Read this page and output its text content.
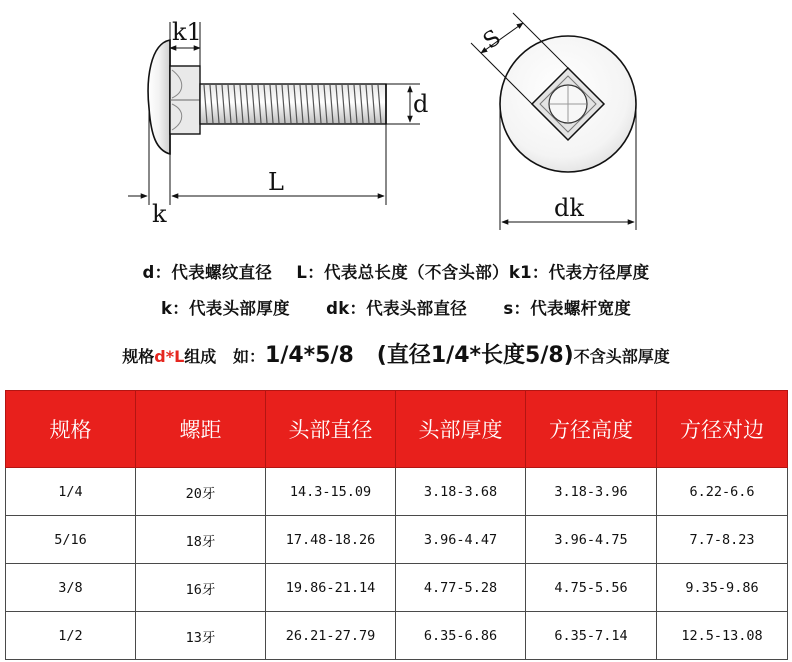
k1
d
L
k
S
dk
d：代表螺纹直径    L：代表总长度（不含头部）k1：代表方径厚度
k：代表头部厚度      dk：代表头部直径      s：代表螺杆宽度
规格d*L组成   如：1/4*5/8   (直径1/4*长度5/8)不含头部厚度
规格	螺距	头部直径	头部厚度	方径高度	方径对边
1/4	20牙	14.3-15.09	3.18-3.68	3.18-3.96	6.22-6.6
5/16	18牙	17.48-18.26	3.96-4.47	3.96-4.75	7.7-8.23
3/8	16牙	19.86-21.14	4.77-5.28	4.75-5.56	9.35-9.86
1/2	13牙	26.21-27.79	6.35-6.86	6.35-7.14	12.5-13.08
